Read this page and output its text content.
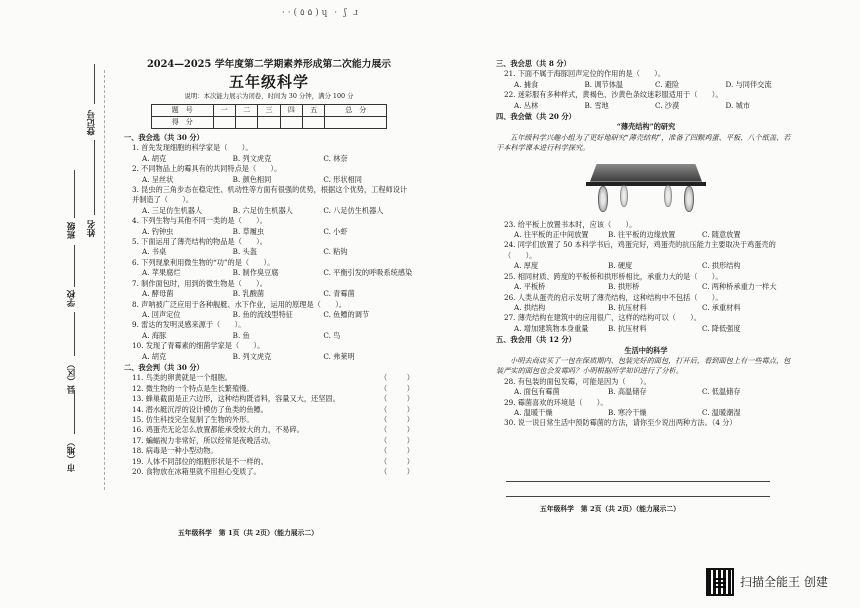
· · ( ٥ ۵ ) ɥ · ʃ ɹ
登记号
姓名
班级
学校
县（区）
市（地）
2024—2025 学年度第二学期素养形成第二次能力展示
五年级科学
说明：本次能力展示为闭卷，时间为 30 分钟，满分 100 分
题　号	一	二	三	四	五	总　分
得　分						
一、我会选（共 30 分）
1. 首先发现细胞的科学家是（　　）。
A. 胡克	B. 列文虎克	C. 林奈
2. 不同物品上的霉具有的共同特点是（　　）。
A. 呈丝状	B. 颜色相同	C. 形状相同
3. 昆虫的三角步态在稳定性、机动性等方面有很强的优势，根据这个优势，工程师设计并制造了（　　）。
A. 三足仿生机器人	B. 六足仿生机器人	C. 八足仿生机器人
4. 下列生物与其他不同一类的是（　　）。
A. 钓钟虫	B. 草履虫	C. 小虾
5. 下面运用了薄壳结构的物品是（　　）。
A. 书桌	B. 头盔	C. 粘钩
6. 下列现象利用微生物的“功”的是（　　）。
A. 苹果腐烂	B. 制作臭豆腐	C. 平衡引发的呼吸系统感染
7. 制作面包时，用到的微生物是（　　）。
A. 酵母菌	B. 乳酸菌	C. 青霉菌
8. 声呐被广泛应用于各种舰艇、水下作业，运用的原理是（　　）。
A. 回声定位	B. 鱼的流线型特征	C. 鱼鳔的调节
9. 雷达的发明灵感来源于（　　）。
A. 海豚	B. 鱼	C. 鸟
10. 发现了青霉素的细菌学家是（　　）。
A. 胡克	B. 列文虎克	C. 弗莱明
二、我会判（共 30 分）
11. 鸟类的卵黄就是一个细胞。	（	）
12. 微生物的一个特点是生长繁殖慢。	（	）
13. 蜂巢截面是正六边形，这种结构既省料，容量又大，还坚固。	（	）
14. 潜水艇沉浮的设计模仿了鱼类的鱼鳔。	（	）
15. 仿生科技完全复制了生物的外形。	（	）
16. 鸡蛋壳无论怎么放置都能承受较大的力，不易碎。	（	）
17. 蝙蝠视力非常好，所以经常是夜晚活动。	（	）
18. 病毒是一种小型动物。	（	）
19. 人体不同部位的细胞形状是不一样的。	（	）
20. 食物放在冰箱里就不用担心变质了。	（	）
五年级科学　第 1页（共 2页）（能力展示二）
三、我会思（共 8 分）
21. 下面不属于海豚回声定位的作用的是（　　）。
A. 捕食	B. 调节体温	C. 避险	D. 与同伴交流
22. 迷彩服有多种样式，黄褐色、沙黄色条纹迷彩服适用于（　　）。
A. 丛林	B. 雪地	C. 沙漠	D. 城市
四、我会做（共 20 分）
“薄壳结构”的研究
五年级科学兴趣小组为了更好地研究“薄壳结构”，准备了四颗鸡蛋、平板、八个纸盖、若干本科学课本进行科学探究。
23. 给平板上放置书本时，应该（　　）。
A. 往平板的正中间放置	B. 往平板的边缘放置	C. 随意放置
24. 同学们放置了 50 本科学书后，鸡蛋完好，鸡蛋壳的抗压能力主要取决于鸡蛋壳的（　　）。
A. 厚度	B. 硬度	C. 拱形结构
25. 相同材质、跨度的平板桥和拱形桥相比，承重力大的是（　　）。
A. 平板桥	B. 拱形桥	C. 两种桥承重力一样大
26. 人类从蛋壳的启示发明了薄壳结构，这种结构中不包括（　　）。
A. 拱结构	B. 抗压材料	C. 承重材料
27. 薄壳结构在建筑中的应用很广，这样的结构可以（　　）。
A. 增加建筑物本身重量	B. 抗压材料	C. 降低强度
五、我会用（共 12 分）
生活中的科学
小明去商店买了一包在保质期内、包装完好的面包，打开后，看到面包上有一些霉点，包装严实的面包也会发霉吗？小明根据所学知识进行了分析。
28. 有包装的面包发霉，可能是因为（　　）。
A. 面包有霉菌	B. 高温储存	C. 低温储存
29. 霉菌喜欢的环境是（　　）。
A. 温暖干燥	B. 寒冷干燥	C. 温暖潮湿
30. 说一说日常生活中预防霉菌的方法，请你至少说出两种方法。（4 分）
五年级科学　第 2页（共 2页）（能力展示二）
扫描全能王 创建
